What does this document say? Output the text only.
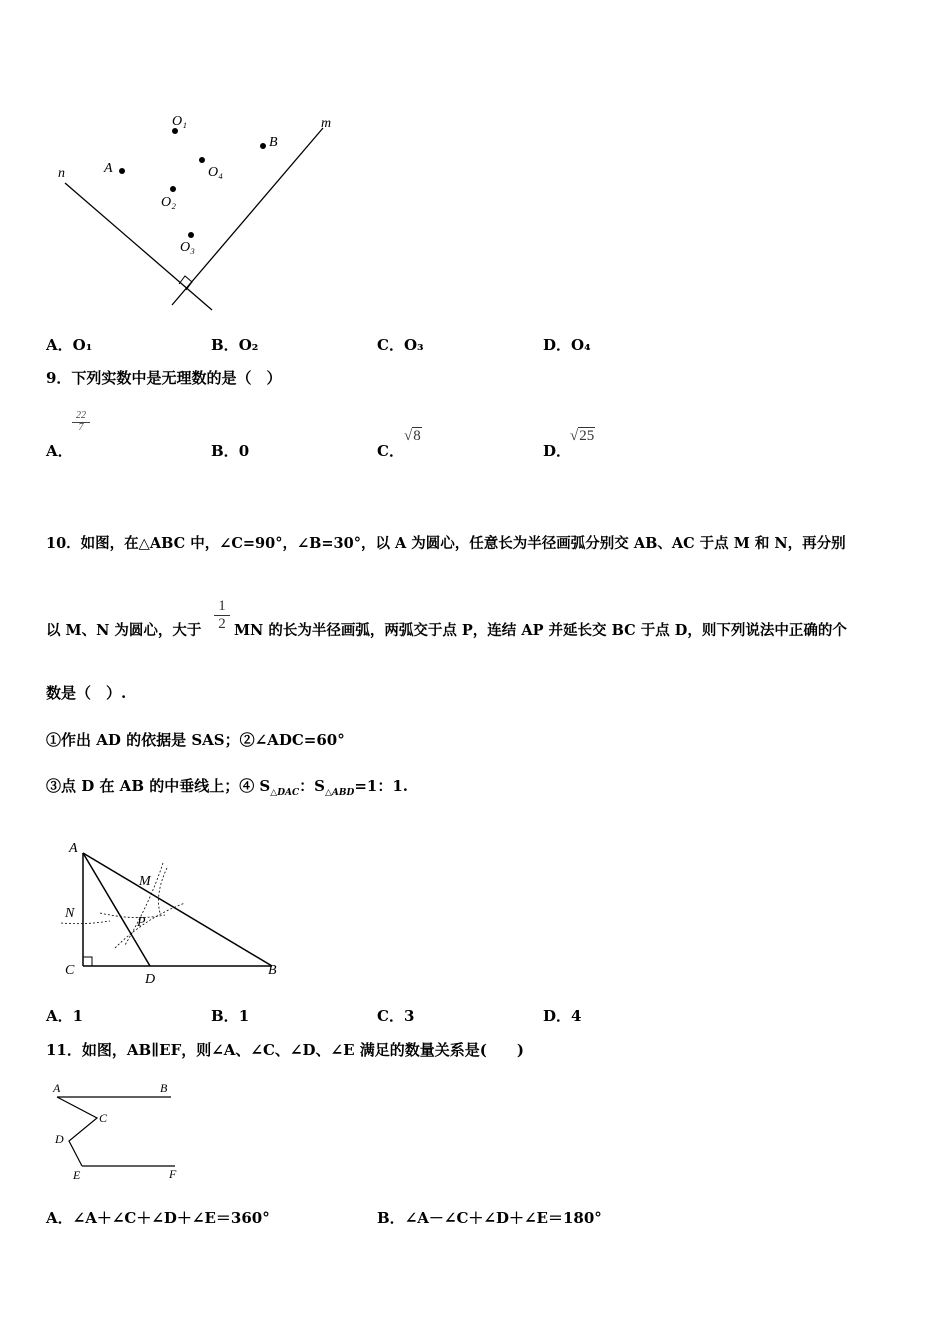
O₁
A
B
O₄
O₂
O₃
m
n
A．O₁	B．O₂	C．O₃	D．O₄
9．下列实数中是无理数的是（　）
A．
$\frac{22}{7}$
B．0	C．
√8
D．
√25
10．如图，在△ABC 中，∠C=90°，∠B=30°，以 A 为圆心，任意长为半径画弧分别交 AB、AC 于点 M 和 N，再分别
以 M、N 为圆心，大于 $\frac{1}{2}$ MN 的长为半径画弧，两弧交于点 P，连结 AP 并延长交 BC 于点 D，则下列说法中正确的个
数是（　）.
①作出 AD 的依据是 SAS；②∠ADC=60°
③点 D 在 AB 的中垂线上；④ $S_{\triangle DAC}$：$S_{\triangle ABD}=1$：1.
A
M
N
P
C
D
B
A．1	B．1	C．3	D．4
11．如图，AB∥EF，则∠A、∠C、∠D、∠E 满足的数量关系是(　　)
A	B
C
D
E	F
A．∠A＋∠C＋∠D＋∠E＝360°	B．∠A－∠C＋∠D＋∠E＝180°
